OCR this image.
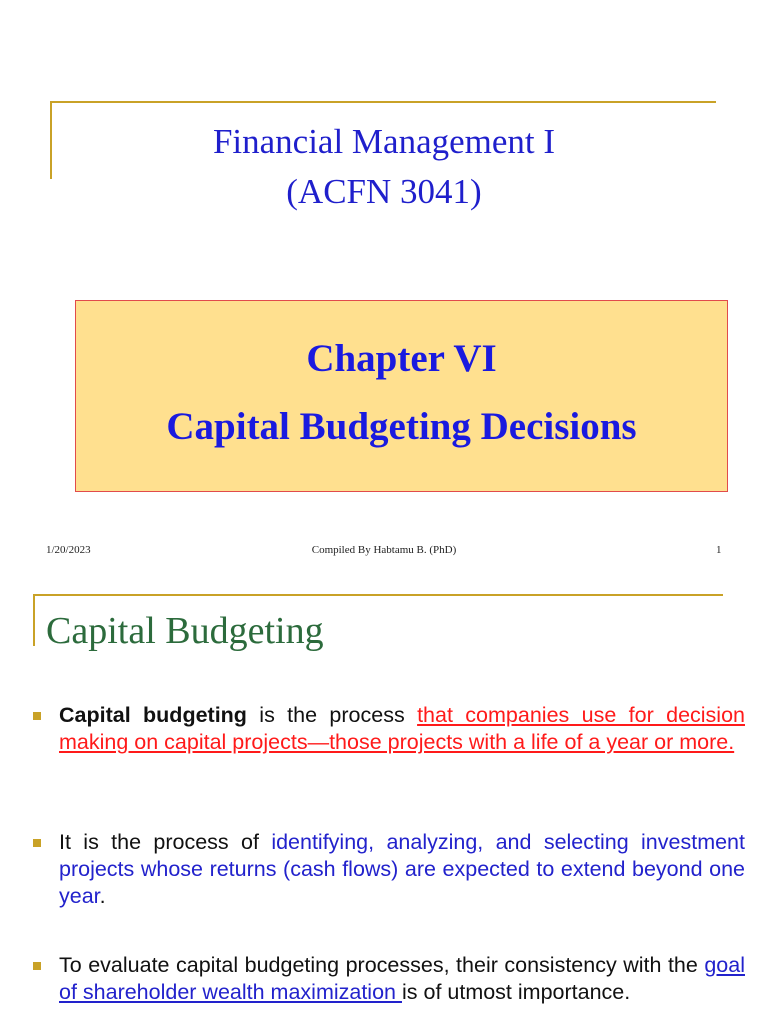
Financial Management I
(ACFN 3041)
Chapter VI
Capital Budgeting Decisions
1/20/2023	Compiled By Habtamu B. (PhD)	1
Capital Budgeting
Capital budgeting is the process that companies use for decision making on capital projects—those projects with a life of a year or more.
It is the process of identifying, analyzing, and selecting investment projects whose returns (cash flows) are expected to extend beyond one year.
To evaluate capital budgeting processes, their consistency with the goal of shareholder wealth maximization is of utmost importance.
